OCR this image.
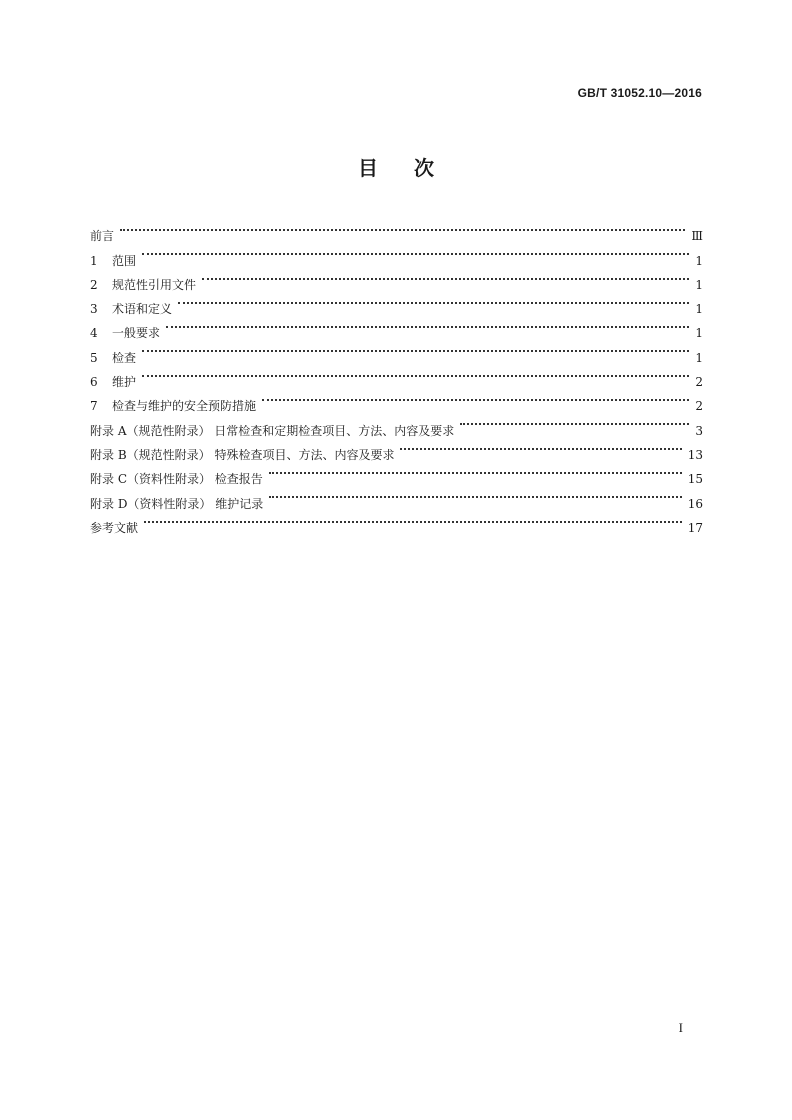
GB/T 31052.10—2016
目 次
前言	Ⅲ
1 范围	1
2 规范性引用文件	1
3 术语和定义	1
4 一般要求	1
5 检查	1
6 维护	2
7 检查与维护的安全预防措施	2
附录 A（规范性附录） 日常检查和定期检查项目、方法、内容及要求	3
附录 B（规范性附录） 特殊检查项目、方法、内容及要求	13
附录 C（资料性附录） 检查报告	15
附录 D（资料性附录） 维护记录	16
参考文献	17
I
